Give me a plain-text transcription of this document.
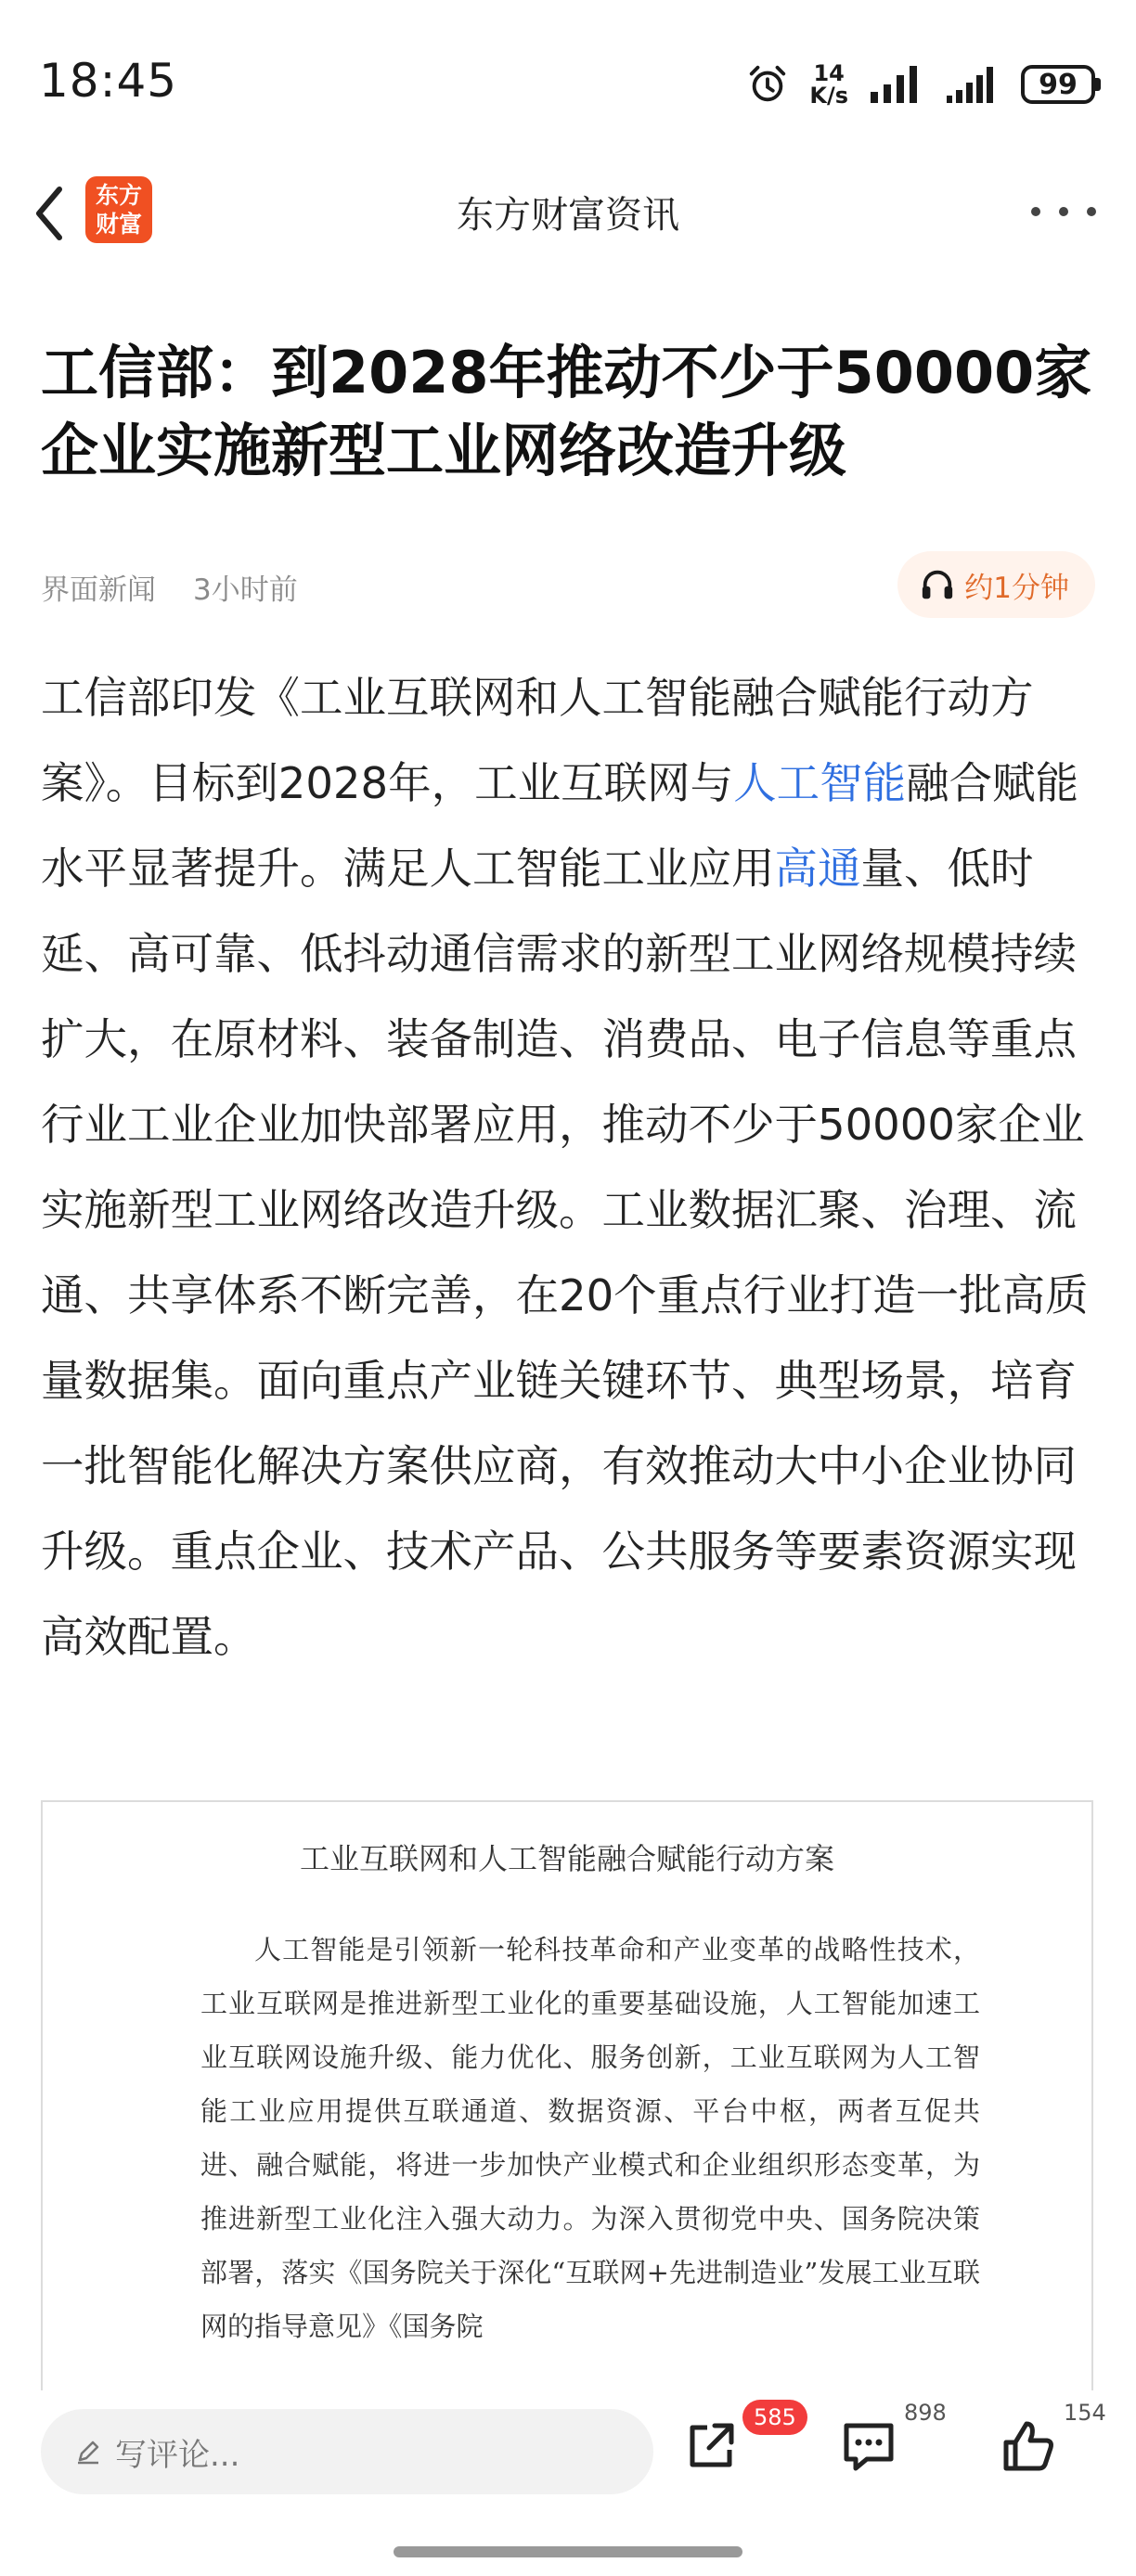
18:45	14
K/s	99
东方
财富	东方财富资讯
工信部：到2028年推动不少于50000家企业实施新型工业网络改造升级
界面新闻 3小时前	约1分钟

工信部印发《工业互联网和人工智能融合赋能行动方案》。目标到2028年，工业互联网与人工智能融合赋能水平显著提升。满足人工智能工业应用高通量、低时延、高可靠、低抖动通信需求的新型工业网络规模持续扩大，在原材料、装备制造、消费品、电子信息等重点行业工业企业加快部署应用，推动不少于50000家企业实施新型工业网络改造升级。工业数据汇聚、治理、流通、共享体系不断完善，在20个重点行业打造一批高质量数据集。面向重点产业链关键环节、典型场景，培育一批智能化解决方案供应商，有效推动大中小企业协同升级。重点企业、技术产品、公共服务等要素资源实现高效配置。

工业互联网和人工智能融合赋能行动方案

人工智能是引领新一轮科技革命和产业变革的战略性技术，工业互联网是推进新型工业化的重要基础设施，人工智能加速工业互联网设施升级、能力优化、服务创新，工业互联网为人工智能工业应用提供互联通道、数据资源、平台中枢，两者互促共进、融合赋能，将进一步加快产业模式和企业组织形态变革，为推进新型工业化注入强大动力。为深入贯彻党中央、国务院决策部署，落实《国务院关于深化“互联网+先进制造业”发展工业互联网的指导意见》《国务院

写评论...
585	898	154
